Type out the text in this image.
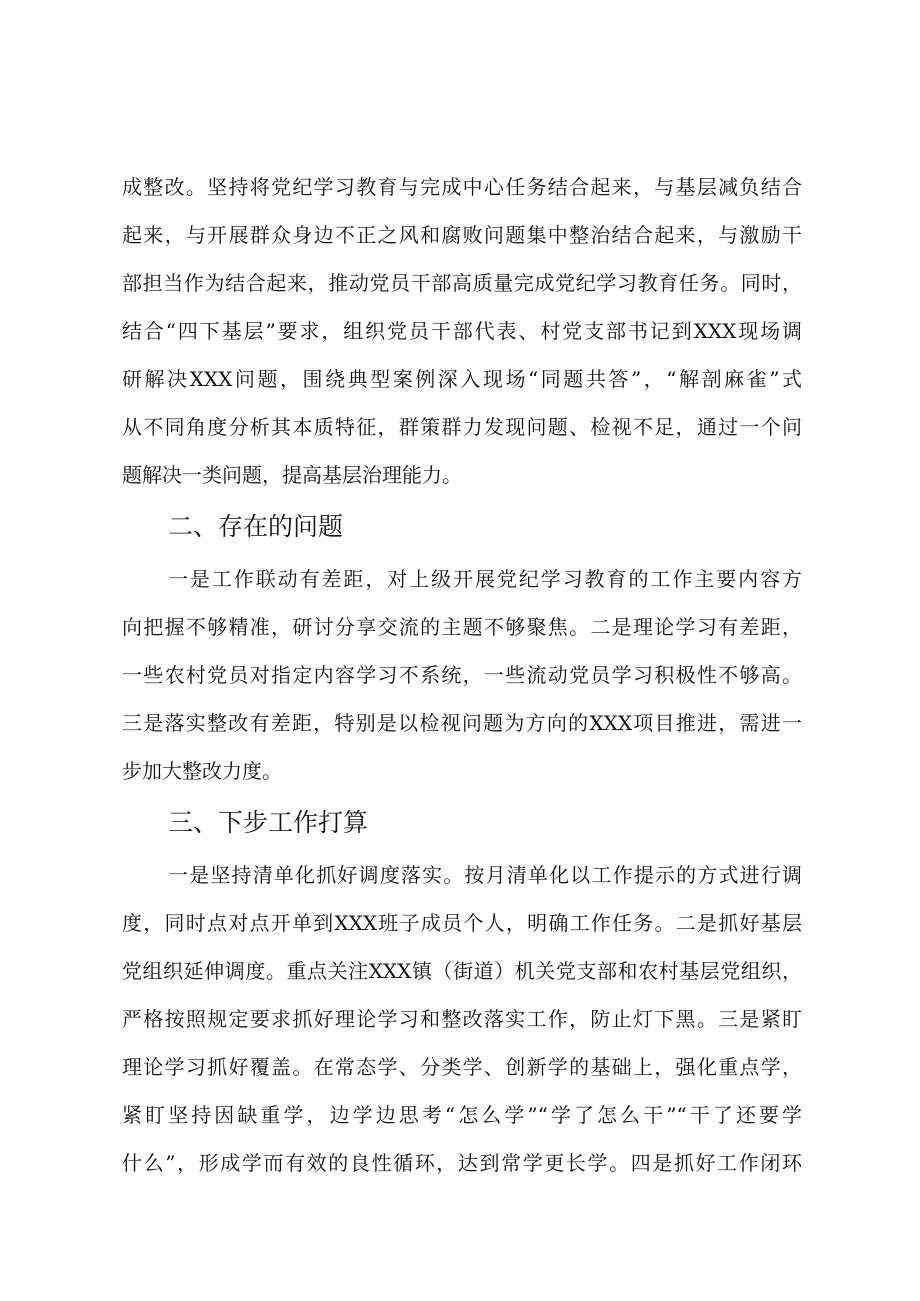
成整改。坚持将党纪学习教育与完成中心任务结合起来，与基层减负结合
起来，与开展群众身边不正之风和腐败问题集中整治结合起来，与激励干
部担当作为结合起来，推动党员干部高质量完成党纪学习教育任务。同时，
结合“四下基层”要求，组织党员干部代表、村党支部书记到XXX现场调
研解决XXX问题，围绕典型案例深入现场“同题共答”，“解剖麻雀”式
从不同角度分析其本质特征，群策群力发现问题、检视不足，通过一个问
题解决一类问题，提高基层治理能力。
二、存在的问题
一是工作联动有差距，对上级开展党纪学习教育的工作主要内容方
向把握不够精准，研讨分享交流的主题不够聚焦。二是理论学习有差距，
一些农村党员对指定内容学习不系统，一些流动党员学习积极性不够高。
三是落实整改有差距，特别是以检视问题为方向的XXX项目推进，需进一
步加大整改力度。
三、下步工作打算
一是坚持清单化抓好调度落实。按月清单化以工作提示的方式进行调
度，同时点对点开单到XXX班子成员个人，明确工作任务。二是抓好基层
党组织延伸调度。重点关注XXX镇（街道）机关党支部和农村基层党组织，
严格按照规定要求抓好理论学习和整改落实工作，防止灯下黑。三是紧盯
理论学习抓好覆盖。在常态学、分类学、创新学的基础上，强化重点学，
紧盯坚持因缺重学，边学边思考“怎么学”“学了怎么干”“干了还要学
什么”，形成学而有效的良性循环，达到常学更长学。四是抓好工作闭环
